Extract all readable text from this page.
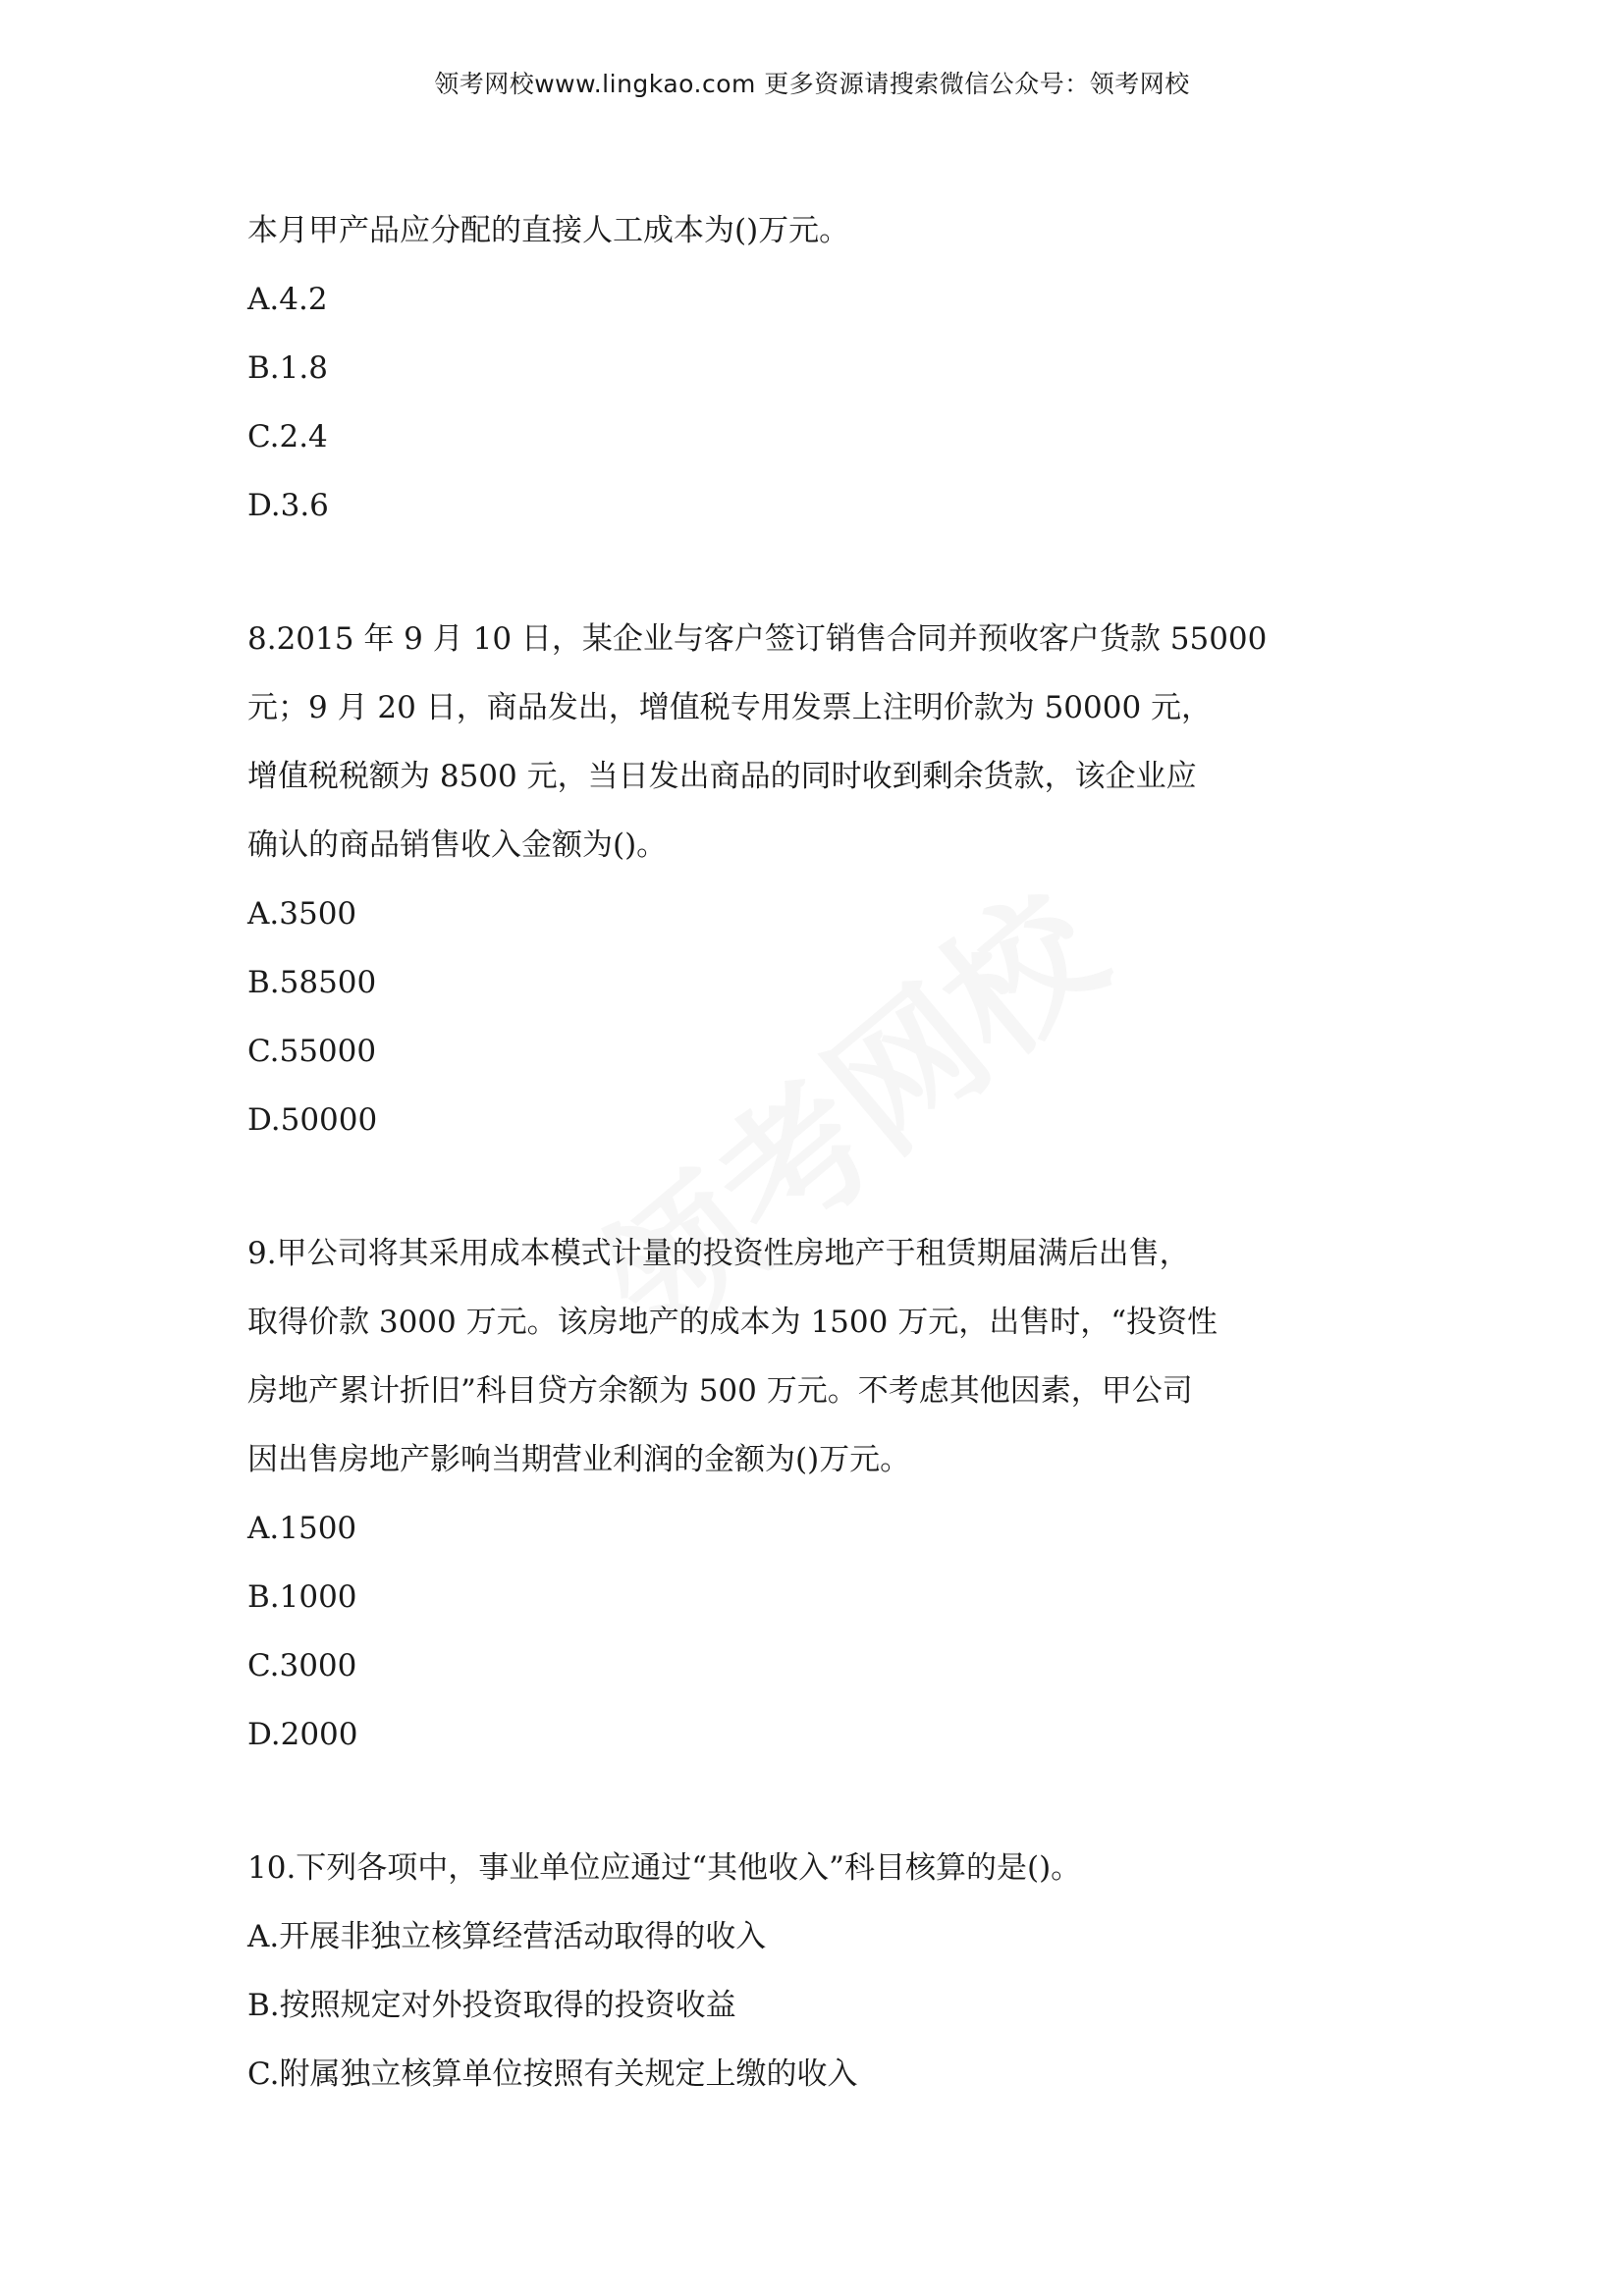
领考网校www.lingkao.com 更多资源请搜索微信公众号：领考网校
本月甲产品应分配的直接人工成本为()万元。
A.4.2
B.1.8
C.2.4
D.3.6
8.2015 年 9 月 10 日，某企业与客户签订销售合同并预收客户货款 55000
元；9 月 20 日，商品发出，增值税专用发票上注明价款为 50000 元，
增值税税额为 8500 元，当日发出商品的同时收到剩余货款，该企业应
确认的商品销售收入金额为()。
A.3500
B.58500
C.55000
D.50000
9.甲公司将其采用成本模式计量的投资性房地产于租赁期届满后出售，
取得价款 3000 万元。该房地产的成本为 1500 万元，出售时，“投资性
房地产累计折旧”科目贷方余额为 500 万元。不考虑其他因素，甲公司
因出售房地产影响当期营业利润的金额为()万元。
A.1500
B.1000
C.3000
D.2000
10.下列各项中，事业单位应通过“其他收入”科目核算的是()。
A.开展非独立核算经营活动取得的收入
B.按照规定对外投资取得的投资收益
C.附属独立核算单位按照有关规定上缴的收入
